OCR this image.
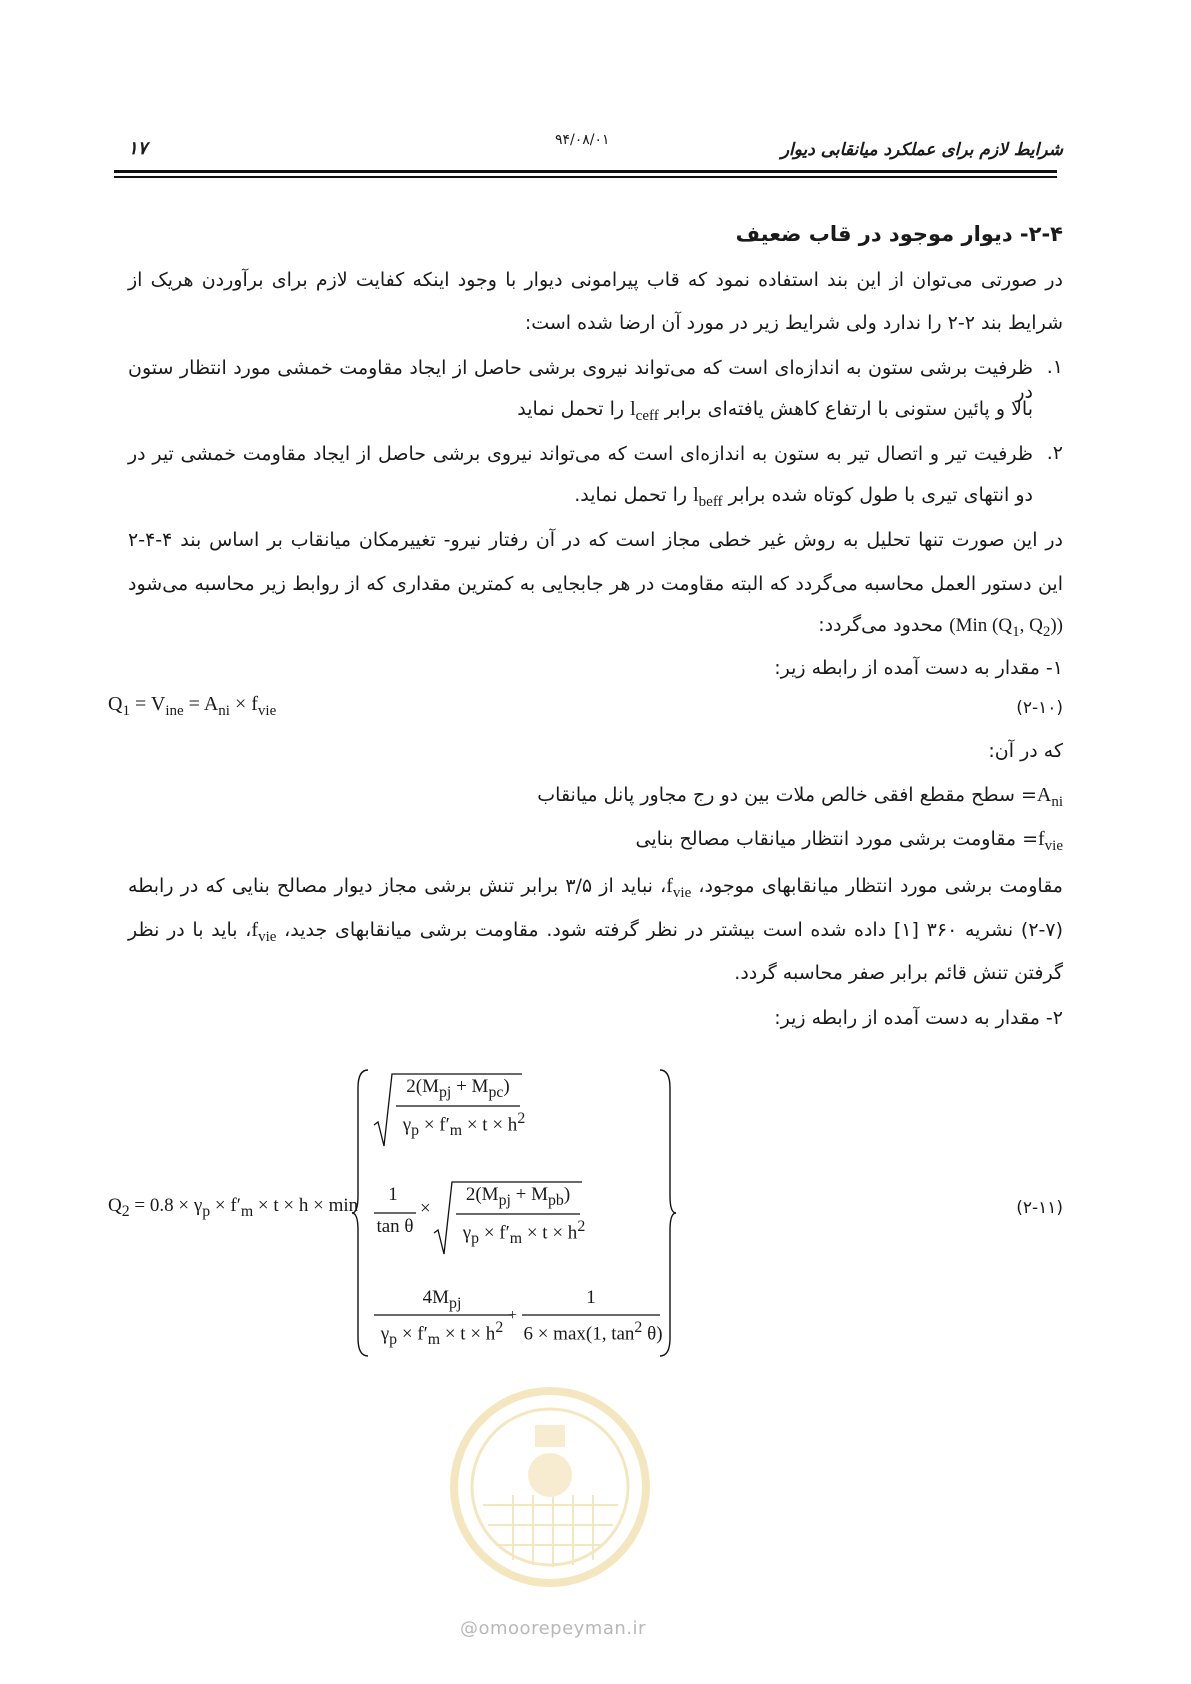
شرایط لازم برای عملکرد میانقابی دیوار
۹۴/۰۸/۰۱
۱۷
۲-۴- دیوار موجود در قاب ضعیف
در صورتی می‌توان از این بند استفاده نمود که قاب پیرامونی دیوار با وجود اینکه کفایت لازم برای برآوردن هریک از
شرایط بند ۲-۲ را ندارد ولی شرایط زیر در مورد آن ارضا شده است:
۱.
ظرفیت برشی ستون به اندازه‌ای است که می‌تواند نیروی برشی حاصل از ایجاد مقاومت خمشی مورد انتظار ستون در
بالا و پائین ستونی با ارتفاع کاهش یافته‌ای برابر $l_{ceff}$ را تحمل نماید
۲.
ظرفیت تیر و اتصال تیر به ستون به اندازه‌ای است که می‌تواند نیروی برشی حاصل از ایجاد مقاومت خمشی تیر در
دو انتهای تیری با طول کوتاه شده برابر $l_{beff}$ را تحمل نماید.
در این صورت تنها تحلیل به روش غیر خطی مجاز است که در آن رفتار نیرو- تغییرمکان میانقاب بر اساس بند ۴-۴-۲
این دستور العمل محاسبه می‌گردد که البته مقاومت در هر جابجایی به کمترین مقداری که از روابط زیر محاسبه می‌شود
(Min ($Q_1$, $Q_2$)) محدود می‌گردد:
۱- مقدار به دست آمده از رابطه زیر:
$Q_1 = V_{ine} = A_{ni} \times f_{vie}$	(۲-۱۰)
که در آن:
$A_{ni}=$ سطح مقطع افقی خالص ملات بین دو رج مجاور پانل میانقاب
$f_{vie}=$ مقاومت برشی مورد انتظار میانقاب مصالح بنایی
مقاومت برشی مورد انتظار میانقابهای موجود، $f_{vie}،$ نباید از ۳/۵ برابر تنش برشی مجاز دیوار مصالح بنایی که در رابطه
(۲-۷) نشریه ۳۶۰ [۱] داده شده است بیشتر در نظر گرفته شود. مقاومت برشی میانقابهای جدید، $f_{vie}،$ باید با در نظر
گرفتن تنش قائم برابر صفر محاسبه گردد.
۲- مقدار به دست آمده از رابطه زیر:
$Q_2 = 0.8 \times \gamma_p \times f'_m \times t \times h \times \min$
$2(M_{pj} + M_{pc})$
$\gamma_p \times f'_m \times t \times h^2$
1
tan θ
×
$2(M_{pj} + M_{pb})$
$\gamma_p \times f'_m \times t \times h^2$
$4M_{pj}$
$\gamma_p \times f'_m \times t \times h^2$
+
1
6 × max(1, $\tan^2 \theta$)
(۲-۱۱)
@omoorepeyman.ir
